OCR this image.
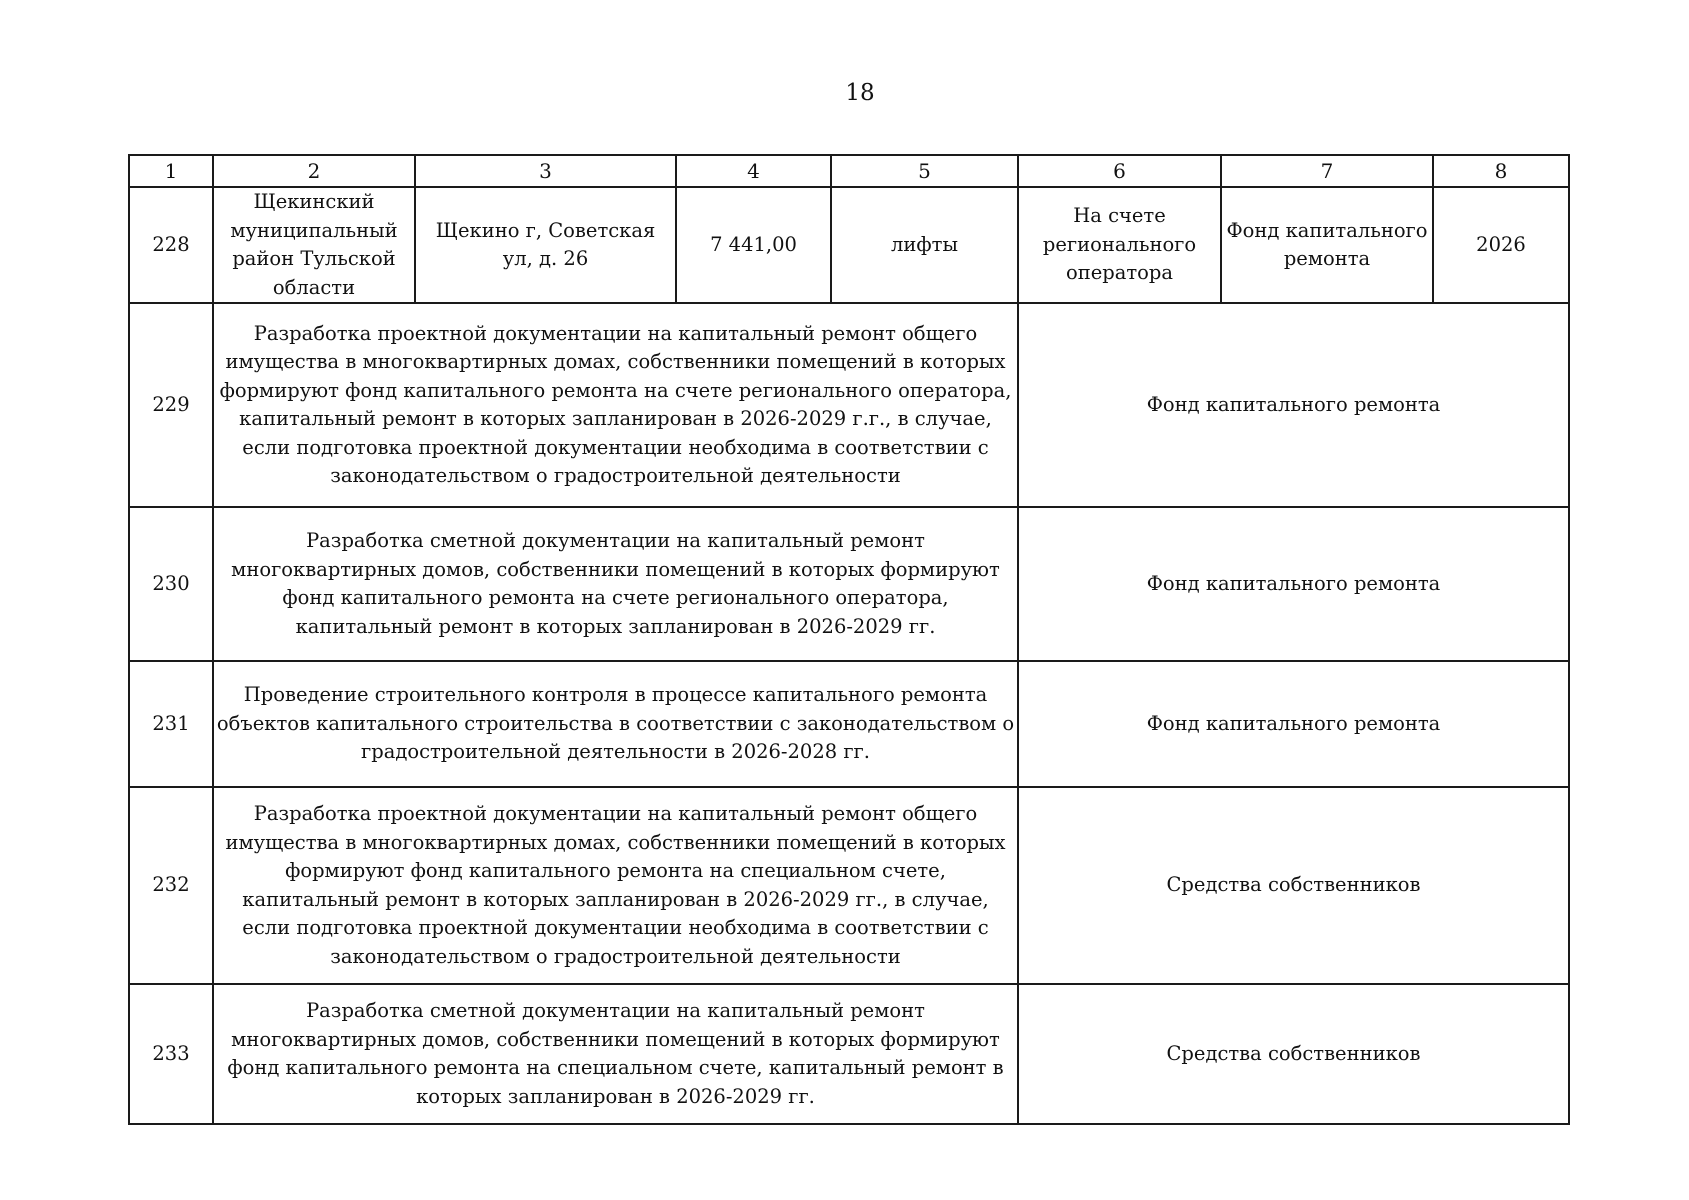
18
1	2	3	4	5	6	7	8
228	Щекинский муниципальный район Тульской области	Щекино г, Советская ул, д. 26	7 441,00	лифты	На счете регионального оператора	Фонд капитального ремонта	2026
229	Разработка проектной документации на капитальный ремонт общего имущества в многоквартирных домах, собственники помещений в которых формируют фонд капитального ремонта на счете регионального оператора, капитальный ремонт в которых запланирован в 2026-2029 г.г., в случае, если подготовка проектной документации необходима в соответствии с законодательством о градостроительной деятельности				Фонд капитального ремонта		
230	Разработка сметной документации на капитальный ремонт многоквартирных домов, собственники помещений в которых формируют фонд капитального ремонта на счете регионального оператора, капитальный ремонт в которых запланирован в 2026-2029 гг.				Фонд капитального ремонта		
231	Проведение строительного контроля в процессе капитального ремонта объектов капитального строительства в соответствии с законодательством о градостроительной деятельности в 2026-2028 гг.				Фонд капитального ремонта		
232	Разработка проектной документации на капитальный ремонт общего имущества в многоквартирных домах, собственники помещений в которых формируют фонд капитального ремонта на специальном счете, капитальный ремонт в которых запланирован в 2026-2029 гг., в случае, если подготовка проектной документации необходима в соответствии с законодательством о градостроительной деятельности				Средства собственников		
233	Разработка сметной документации на капитальный ремонт многоквартирных домов, собственники помещений в которых формируют фонд капитального ремонта на специальном счете, капитальный ремонт в которых запланирован в 2026-2029 гг.				Средства собственников		
